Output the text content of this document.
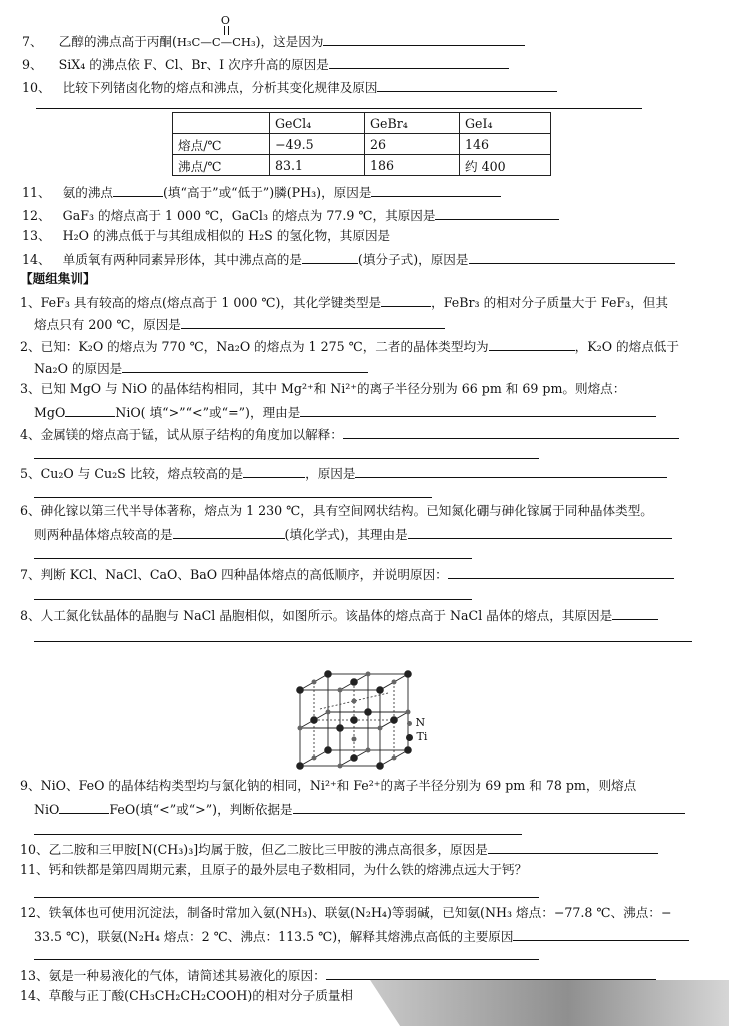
7、 乙醇的沸点高于丙酮(
O
H₃C—C—CH₃)，这是因为
9、 SiX₄ 的沸点依 F、Cl、Br、I 次序升高的原因是
10、 比较下列锗卤化物的熔点和沸点，分析其变化规律及原因
	GeCl₄	GeBr₄	GeI₄
熔点/℃	−49.5	26	146
沸点/℃	83.1	186	约 400
11、 氨的沸点	(填“高于”或“低于”)膦(PH₃)，原因是
12、 GaF₃ 的熔点高于 1 000 ℃，GaCl₃ 的熔点为 77.9 ℃，其原因是
13、 H₂O 的沸点低于与其组成相似的 H₂S 的氢化物，其原因是
14、 单质氧有两种同素异形体，其中沸点高的是	(填分子式)，原因是
【题组集训】
1、FeF₃ 具有较高的熔点(熔点高于 1 000 ℃)，其化学键类型是	，FeBr₃ 的相对分子质量大于 FeF₃，但其
熔点只有 200 ℃，原因是
2、已知：K₂O 的熔点为 770 ℃，Na₂O 的熔点为 1 275 ℃，二者的晶体类型均为	，K₂O 的熔点低于
Na₂O 的原因是
3、已知 MgO 与 NiO 的晶体结构相同，其中 Mg²⁺和 Ni²⁺的离子半径分别为 66 pm 和 69 pm。则熔点：
MgO	NiO( 填“>”“<”或“=”)，理由是
4、金属镁的熔点高于锰，试从原子结构的角度加以解释：
5、Cu₂O 与 Cu₂S 比较，熔点较高的是	，原因是
6、砷化镓以第三代半导体著称，熔点为 1 230 ℃，具有空间网状结构。已知氮化硼与砷化镓属于同种晶体类型。
则两种晶体熔点较高的是	(填化学式)，其理由是
7、判断 KCl、NaCl、CaO、BaO 四种晶体熔点的高低顺序，并说明原因：
8、人工氮化钛晶体的晶胞与 NaCl 晶胞相似，如图所示。该晶体的熔点高于 NaCl 晶体的熔点，其原因是
N
Ti
9、NiO、FeO 的晶体结构类型均与氯化钠的相同，Ni²⁺和 Fe²⁺的离子半径分别为 69 pm 和 78 pm，则熔点
NiO	FeO(填“<”或“>”)，判断依据是
10、乙二胺和三甲胺[N(CH₃)₃]均属于胺，但乙二胺比三甲胺的沸点高很多，原因是
11、钙和铁都是第四周期元素，且原子的最外层电子数相同，为什么铁的熔沸点远大于钙？
12、铁氧体也可使用沉淀法，制备时常加入氨(NH₃)、联氨(N₂H₄)等弱碱，已知氨(NH₃ 熔点：−77.8 ℃、沸点：−
33.5 ℃)，联氨(N₂H₄ 熔点：2 ℃、沸点：113.5 ℃)，解释其熔沸点高低的主要原因
13、氨是一种易液化的气体，请简述其易液化的原因：
14、草酸与正丁酸(CH₃CH₂CH₂COOH)的相对分子质量相
